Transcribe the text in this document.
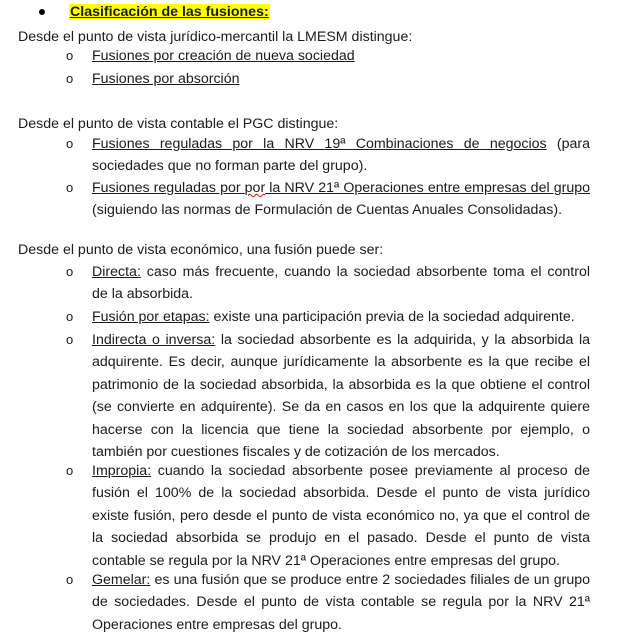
Clasificación de las fusiones:
Desde el punto de vista jurídico-mercantil la LMESM distingue:
o Fusiones por creación de nueva sociedad
o Fusiones por absorción
Desde el punto de vista contable el PGC distingue:
o Fusiones reguladas por la NRV 19ª Combinaciones de negocios (para sociedades que no forman parte del grupo).
o Fusiones reguladas por por la NRV 21ª Operaciones entre empresas del grupo (siguiendo las normas de Formulación de Cuentas Anuales Consolidadas).
Desde el punto de vista económico, una fusión puede ser:
o Directa: caso más frecuente, cuando la sociedad absorbente toma el control de la absorbida.
o Fusión por etapas: existe una participación previa de la sociedad adquirente.
o Indirecta o inversa: la sociedad absorbente es la adquirida, y la absorbida la adquirente. Es decir, aunque jurídicamente la absorbente es la que recibe el patrimonio de la sociedad absorbida, la absorbida es la que obtiene el control (se convierte en adquirente). Se da en casos en los que la adquirente quiere hacerse con la licencia que tiene la sociedad absorbente por ejemplo, o también por cuestiones fiscales y de cotización de los mercados.
o Impropia: cuando la sociedad absorbente posee previamente al proceso de fusión el 100% de la sociedad absorbida. Desde el punto de vista jurídico existe fusión, pero desde el punto de vista económico no, ya que el control de la sociedad absorbida se produjo en el pasado. Desde el punto de vista contable se regula por la NRV 21ª Operaciones entre empresas del grupo.
o Gemelar: es una fusión que se produce entre 2 sociedades filiales de un grupo de sociedades. Desde el punto de vista contable se regula por la NRV 21ª Operaciones entre empresas del grupo.
